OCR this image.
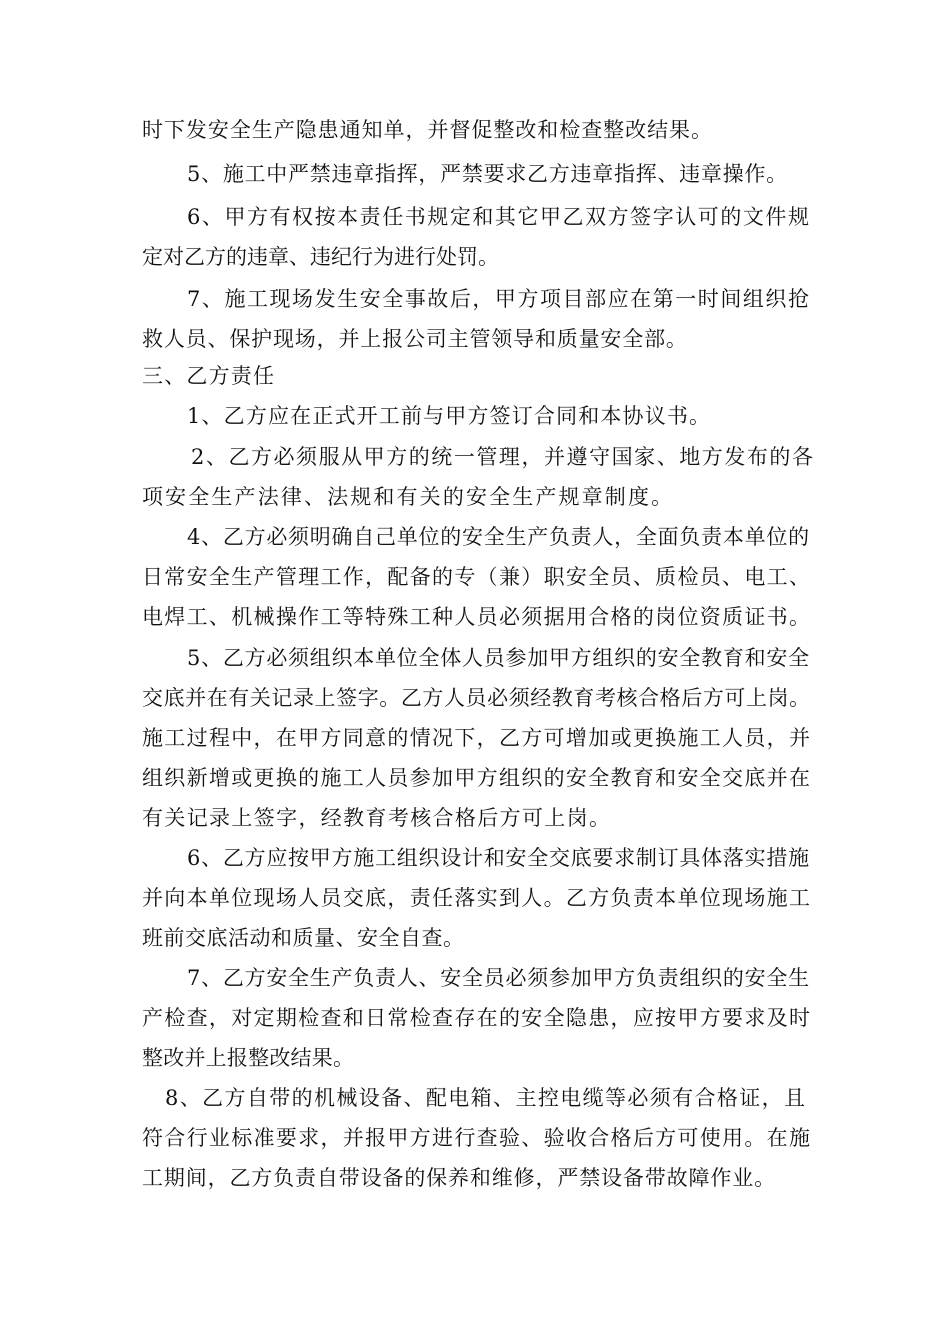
时下发安全生产隐患通知单，并督促整改和检查整改结果。
5、施工中严禁违章指挥，严禁要求乙方违章指挥、违章操作。
6、甲方有权按本责任书规定和其它甲乙双方签字认可的文件规
定对乙方的违章、违纪行为进行处罚。
7、施工现场发生安全事故后，甲方项目部应在第一时间组织抢
救人员、保护现场，并上报公司主管领导和质量安全部。
三、乙方责任
1、乙方应在正式开工前与甲方签订合同和本协议书。
2、乙方必须服从甲方的统一管理，并遵守国家、地方发布的各
项安全生产法律、法规和有关的安全生产规章制度。
4、乙方必须明确自己单位的安全生产负责人，全面负责本单位的
日常安全生产管理工作，配备的专（兼）职安全员、质检员、电工、
电焊工、机械操作工等特殊工种人员必须据用合格的岗位资质证书。
5、乙方必须组织本单位全体人员参加甲方组织的安全教育和安全
交底并在有关记录上签字。乙方人员必须经教育考核合格后方可上岗。
施工过程中，在甲方同意的情况下，乙方可增加或更换施工人员，并
组织新增或更换的施工人员参加甲方组织的安全教育和安全交底并在
有关记录上签字，经教育考核合格后方可上岗。
6、乙方应按甲方施工组织设计和安全交底要求制订具体落实措施
并向本单位现场人员交底，责任落实到人。乙方负责本单位现场施工
班前交底活动和质量、安全自查。
7、乙方安全生产负责人、安全员必须参加甲方负责组织的安全生
产检查，对定期检查和日常检查存在的安全隐患，应按甲方要求及时
整改并上报整改结果。
8、乙方自带的机械设备、配电箱、主控电缆等必须有合格证，且
符合行业标准要求，并报甲方进行查验、验收合格后方可使用。在施
工期间，乙方负责自带设备的保养和维修，严禁设备带故障作业。
